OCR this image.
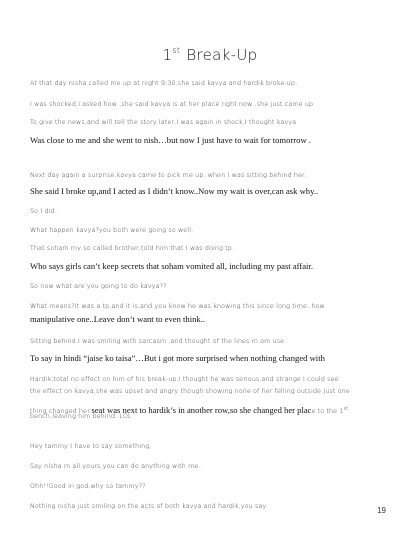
1st Break-Up
At that day nisha called me up at night 9:30,she said kavya and hardik broke-up,
I was shocked,I asked how ,she said kavya is at her place right now ,she just came up
To give the news,and will tell the story later,I was again in shock,I thought kavya
Was close to me and she went to nish…but now I just have to wait for tomorrow .
Next day again a surprise,kavya came to pick me up..when I was sitting behind her,
She said I broke up,and I acted as I didn’t know..Now my wait is over,can ask why..
So I did..
What happen kavya?you both were going so well,
That soham my so called brother,told him that I was doing tp.
Who says girls can’t keep secrets that soham vomited all, including my past affair.
So now what are you going to do kavya??
What means?It was a tp,and it is,and you know he was knowing this since long time..how
manipulative one..Leave don’t want to even think..
Sitting behind I was smiling with sarcasm ,and thought of the lines m om use
To say in hindi “jaise ko taisa”…But i got more surprised when nothing changed with
Hardik,total no effect on him of his break-up,I thought he was serious,and strange I could see
the effect on kavya,she was upset and angry though showing none of her felling outside.Just one
thing changed her.seat was next to hardik’s in another row,so she changed her place to the 1st
bench,leaving him behind..LOL
Hey tammy I have to say something,
Say nisha m all yours,you can do anything with me..
Ohh!!Good in god,why so tammy??
Nothing nisha just smiling on the acts of both kavya and hardik,you say.	19
